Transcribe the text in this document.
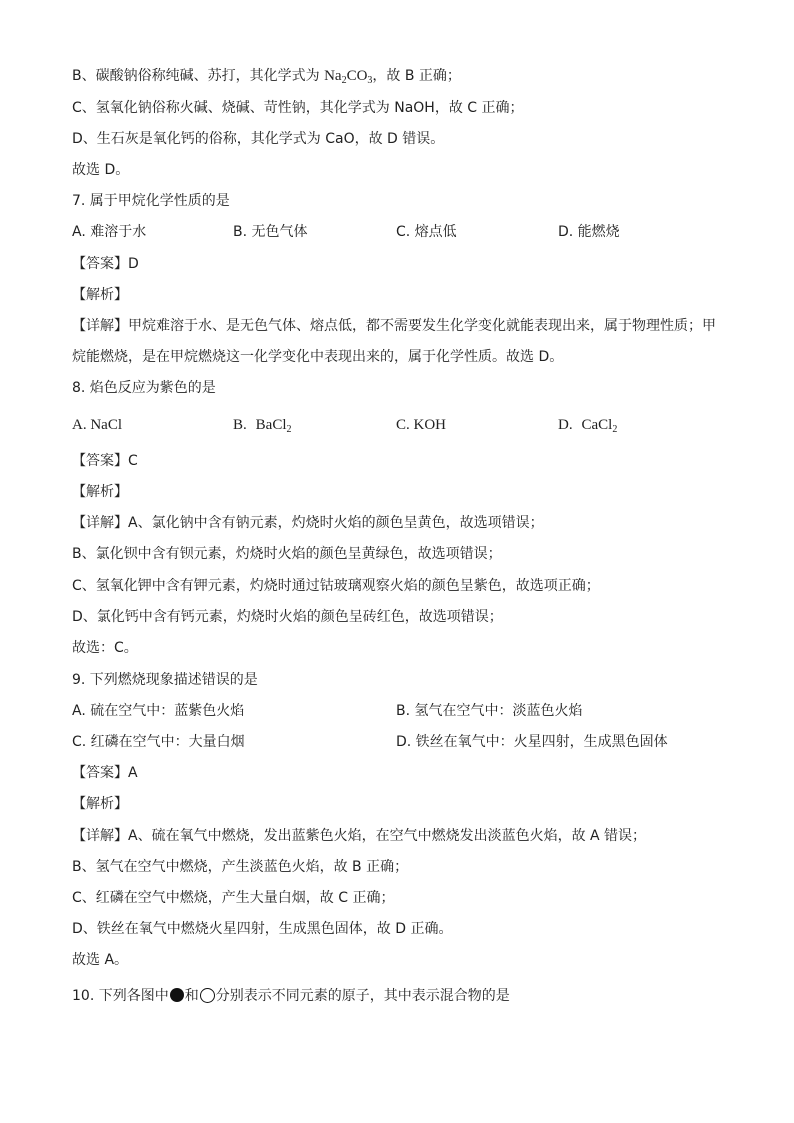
B、碳酸钠俗称纯碱、苏打，其化学式为 $Na_2CO_3$，故 B 正确；
C、氢氧化钠俗称火碱、烧碱、苛性钠，其化学式为 NaOH，故 C 正确；
D、生石灰是氧化钙的俗称，其化学式为 CaO，故 D 错误。
故选 D。
7. 属于甲烷化学性质的是
A. 难溶于水	B. 无色气体	C. 熔点低	D. 能燃烧
【答案】D
【解析】
【详解】甲烷难溶于水、是无色气体、熔点低，都不需要发生化学变化就能表现出来，属于物理性质；甲
烷能燃烧，是在甲烷燃烧这一化学变化中表现出来的，属于化学性质。故选 D。
8. 焰色反应为紫色的是
A. NaCl	B. BaCl$_2$	C. KOH	D. CaCl$_2$
【答案】C
【解析】
【详解】A、氯化钠中含有钠元素，灼烧时火焰的颜色呈黄色，故选项错误；
B、氯化钡中含有钡元素，灼烧时火焰的颜色呈黄绿色，故选项错误；
C、氢氧化钾中含有钾元素，灼烧时通过钴玻璃观察火焰的颜色呈紫色，故选项正确；
D、氯化钙中含有钙元素，灼烧时火焰的颜色呈砖红色，故选项错误；
故选：C。
9. 下列燃烧现象描述错误的是
A. 硫在空气中：蓝紫色火焰	B. 氢气在空气中：淡蓝色火焰
C. 红磷在空气中：大量白烟	D. 铁丝在氧气中：火星四射，生成黑色固体
【答案】A
【解析】
【详解】A、硫在氧气中燃烧，发出蓝紫色火焰，在空气中燃烧发出淡蓝色火焰，故 A 错误；
B、氢气在空气中燃烧，产生淡蓝色火焰，故 B 正确；
C、红磷在空气中燃烧，产生大量白烟，故 C 正确；
D、铁丝在氧气中燃烧火星四射，生成黑色固体，故 D 正确。
故选 A。
10. 下列各图中 和 分别表示不同元素的原子，其中表示混合物的是
